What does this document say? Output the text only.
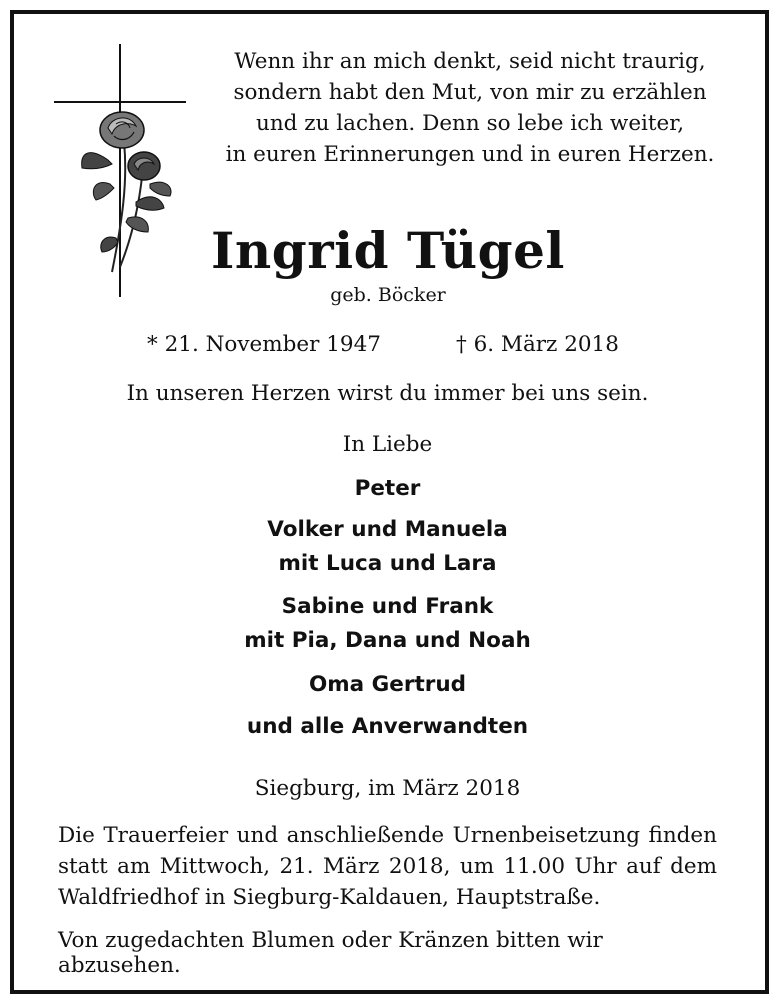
Wenn ihr an mich denkt, seid nicht traurig,
sondern habt den Mut, von mir zu erzählen
und zu lachen. Denn so lebe ich weiter,
in euren Erinnerungen und in euren Herzen.
Ingrid Tügel
geb. Böcker
* 21. November 1947	† 6. März 2018
In unseren Herzen wirst du immer bei uns sein.
In Liebe
Peter
Volker und Manuela
mit Luca und Lara
Sabine und Frank
mit Pia, Dana und Noah
Oma Gertrud
und alle Anverwandten
Siegburg, im März 2018
Die Trauerfeier und anschließende Urnenbeisetzung finden
statt am Mittwoch, 21. März 2018, um 11.00 Uhr auf dem
Waldfriedhof in Siegburg-Kaldauen, Hauptstraße.
Von zugedachten Blumen oder Kränzen bitten wir abzusehen.
